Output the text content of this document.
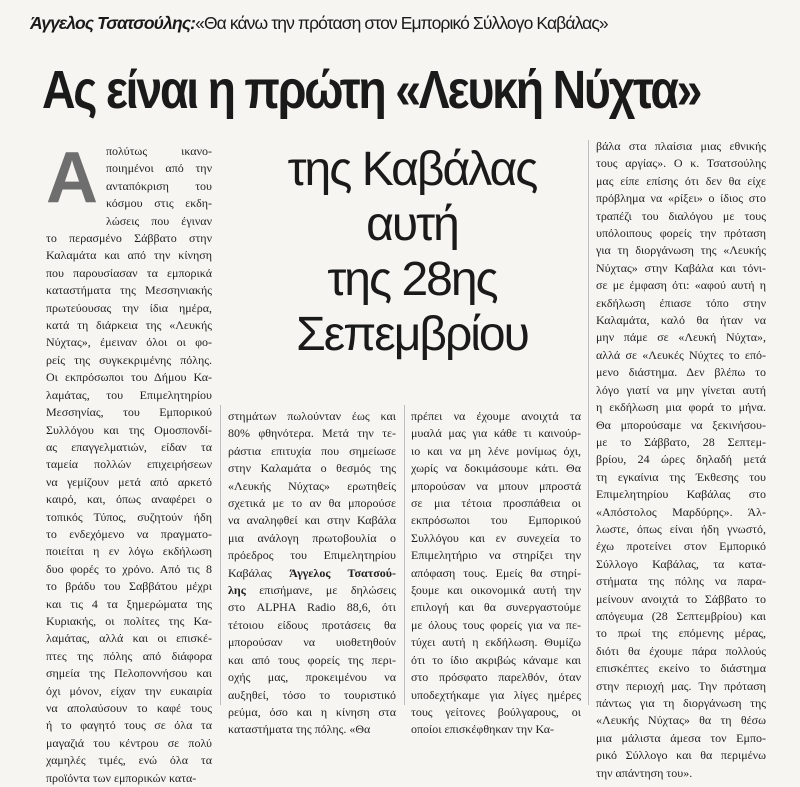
Άγγελος Τσατσούλης:«Θα κάνω την πρόταση στον Εμπορικό Σύλλογο Καβάλας»
Ας είναι η πρώτη «Λευκή Νύχτα»
της Καβάλας
αυτή
της 28ης
Σεπεμβρίου
Α πολύτως ικανο-
ποιημένοι από την
ανταπόκριση του
κόσμου στις εκδη-
λώσεις που έγιναν
το περασμένο Σάββατο στην
Καλαμάτα και από την κίνηση
που παρουσίασαν τα εμπορικά
καταστήματα της Μεσσηνιακής
πρωτεύουσας την ίδια ημέρα,
κατά τη διάρκεια της «Λευκής
Νύχτας», έμειναν όλοι οι φο-
ρείς της συγκεκριμένης πόλης.
Οι εκπρόσωποι του Δήμου Κα-
λαμάτας, του Επιμελητηρίου
Μεσσηνίας, του Εμπορικού
Συλλόγου και της Ομοσπονδί-
ας επαγγελματιών, είδαν τα
ταμεία πολλών επιχειρήσεων
να γεμίζουν μετά από αρκετό
καιρό, και, όπως αναφέρει ο
τοπικός Τύπος, συζητούν ήδη
το ενδεχόμενο να πραγματο-
ποιείται η εν λόγω εκδήλωση
δυο φορές το χρόνο. Από τις 8
το βράδυ του Σαββάτου μέχρι
και τις 4 τα ξημερώματα της
Κυριακής, οι πολίτες της Κα-
λαμάτας, αλλά και οι επισκέ-
πτες της πόλης από διάφορα
σημεία της Πελοποννήσου και
όχι μόνον, είχαν την ευκαιρία
να απολαύσουν το καφέ τους
ή το φαγητό τους σε όλα τα
μαγαζιά του κέντρου σε πολύ
χαμηλές τιμές, ενώ όλα τα
προϊόντα των εμπορικών κατα-
στημάτων πωλούνταν έως και
80% φθηνότερα. Μετά την τε-
ράστια επιτυχία που σημείωσε
στην Καλαμάτα ο θεσμός της
«Λευκής Νύχτας» ερωτηθείς
σχετικά με το αν θα μπορούσε
να αναληφθεί και στην Καβάλα
μια ανάλογη πρωτοβουλία ο
πρόεδρος του Επιμελητηρίου
Καβάλας Άγγελος Τσατσού-
λης επισήμανε, με δηλώσεις
στο ALPHA Radio 88,6, ότι
τέτοιου είδους προτάσεις θα
μπορούσαν να υιοθετηθούν
και από τους φορείς της περι-
οχής μας, προκειμένου να
αυξηθεί, τόσο το τουριστικό
ρεύμα, όσο και η κίνηση στα
καταστήματα της πόλης. «Θα
πρέπει να έχουμε ανοιχτά τα
μυαλά μας για κάθε τι καινούρ-
ιο και να μη λένε μονίμως όχι,
χωρίς να δοκιμάσουμε κάτι. Θα
μπορούσαν να μπουν μπροστά
σε μια τέτοια προσπάθεια οι
εκπρόσωποι του Εμπορικού
Συλλόγου και εν συνεχεία το
Επιμελητήριο να στηρίξει την
απόφαση τους. Εμείς θα στηρί-
ξουμε και οικονομικά αυτή την
επιλογή και θα συνεργαστούμε
με όλους τους φορείς για να πε-
τύχει αυτή η εκδήλωση. Θυμίζω
ότι το ίδιο ακριβώς κάναμε και
στο πρόσφατο παρελθόν, όταν
υποδεχτήκαμε για λίγες ημέρες
τους γείτονες βούλγαρους, οι
οποίοι επισκέφθηκαν την Κα-
βάλα στα πλαίσια μιας εθνικής
τους αργίας». Ο κ. Τσατσούλης
μας είπε επίσης ότι δεν θα είχε
πρόβλημα να «ρίξει» ο ίδιος στο
τραπέζι του διαλόγου με τους
υπόλοιπους φορείς την πρόταση
για τη διοργάνωση της «Λευκής
Νύχτας» στην Καβάλα και τόνι-
σε με έμφαση ότι: «αφού αυτή η
εκδήλωση έπιασε τόπο στην
Καλαμάτα, καλό θα ήταν να
μην πάμε σε «Λευκή Νύχτα»,
αλλά σε «Λευκές Νύχτες το επό-
μενο διάστημα. Δεν βλέπω το
λόγο γιατί να μην γίνεται αυτή
η εκδήλωση μια φορά το μήνα.
Θα μπορούσαμε να ξεκινήσου-
με το Σάββατο, 28 Σεπτεμ-
βρίου, 24 ώρες δηλαδή μετά
τη εγκαίνια της Έκθεσης του
Επιμελητηρίου Καβάλας στο
«Απόστολος Μαρδύρης». Άλ-
λωστε, όπως είναι ήδη γνωστό,
έχω προτείνει στον Εμπορικό
Σύλλογο Καβάλας, τα κατα-
στήματα της πόλης να παρα-
μείνουν ανοιχτά το Σάββατο το
απόγευμα (28 Σεπτεμβρίου) και
το πρωί της επόμενης μέρας,
διότι θα έχουμε πάρα πολλούς
επισκέπτες εκείνο το διάστημα
στην περιοχή μας. Την πρόταση
πάντως για τη διοργάνωση της
«Λευκής Νύχτας» θα τη θέσω
μια μάλιστα άμεσα τον Εμπο-
ρικό Σύλλογο και θα περιμένω
την απάντηση του».
